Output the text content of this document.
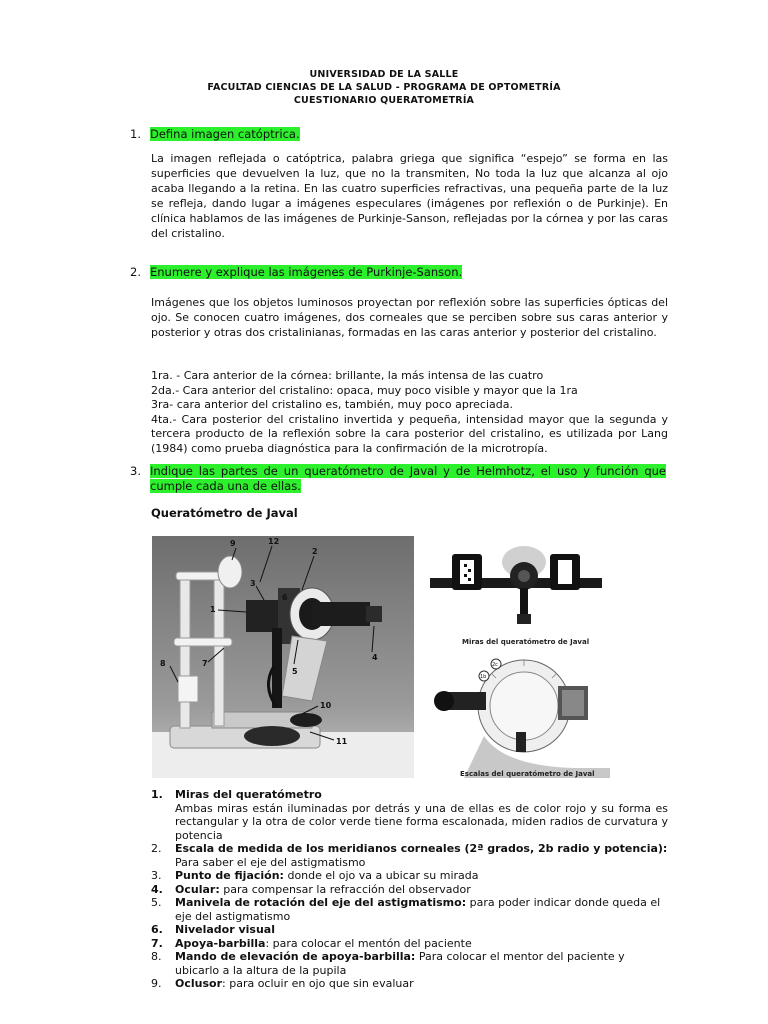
UNIVERSIDAD DE LA SALLE
FACULTAD CIENCIAS DE LA SALUD - PROGRAMA DE OPTOMETRÍA
CUESTIONARIO QUERATOMETRÍA
1. Defina imagen catóptrica.

La imagen reflejada o catóptrica, palabra griega que significa “espejo” se forma en las superficies que devuelven la luz, que no la transmiten, No toda la luz que alcanza al ojo acaba llegando a la retina. En las cuatro superficies refractivas, una pequeña parte de la luz se refleja, dando lugar a imágenes especulares (imágenes por reflexión o de Purkinje). En clínica hablamos de las imágenes de Purkinje-Sanson, reflejadas por la córnea y por las caras del cristalino.

2. Enumere y explique las imágenes de Purkinje-Sanson.

Imágenes que los objetos luminosos proyectan por reflexión sobre las superficies ópticas del ojo. Se conocen cuatro imágenes, dos corneales que se perciben sobre sus caras anterior y posterior y otras dos cristalinianas, formadas en las caras anterior y posterior del cristalino.

1ra. - Cara anterior de la córnea: brillante, la más intensa de las cuatro

2da.- Cara anterior del cristalino: opaca, muy poco visible y mayor que la 1ra

3ra- cara anterior del cristalino es, también, muy poco apreciada.

4ta.- Cara posterior del cristalino invertida y pequeña, intensidad mayor que la segunda y tercera producto de la reflexión sobre la cara posterior del cristalino, es utilizada por Lang (1984) como prueba diagnóstica para la confirmación de la microtropía.

3. Indique las partes de un queratómetro de Javal y de Helmhotz, el uso y función que cumple cada una de ellas.
Queratómetro de Javal
9	12
2
1
3
7
5
4
8
10
11
6
Miras del queratómetro de Javal
1b
2c
Escalas del queratómetro de Javal
1. Miras del queratómetro

Ambas miras están iluminadas por detrás y una de ellas es de color rojo y su forma es rectangular y la otra de color verde tiene forma escalonada, miden radios de curvatura y potencia
2. Escala de medida de los meridianos corneales (2ª grados, 2b radio y potencia): Para saber el eje del astigmatismo
3. Punto de fijación: donde el ojo va a ubicar su mirada
4. Ocular: para compensar la refracción del observador
5. Manivela de rotación del eje del astigmatismo: para poder indicar donde queda el eje del astigmatismo
6. Nivelador visual
7. Apoya-barbilla: para colocar el mentón del paciente
8. Mando de elevación de apoya-barbilla: Para colocar el mentor del paciente y ubicarlo a la altura de la pupila
9. Oclusor: para ocluir en ojo que sin evaluar
